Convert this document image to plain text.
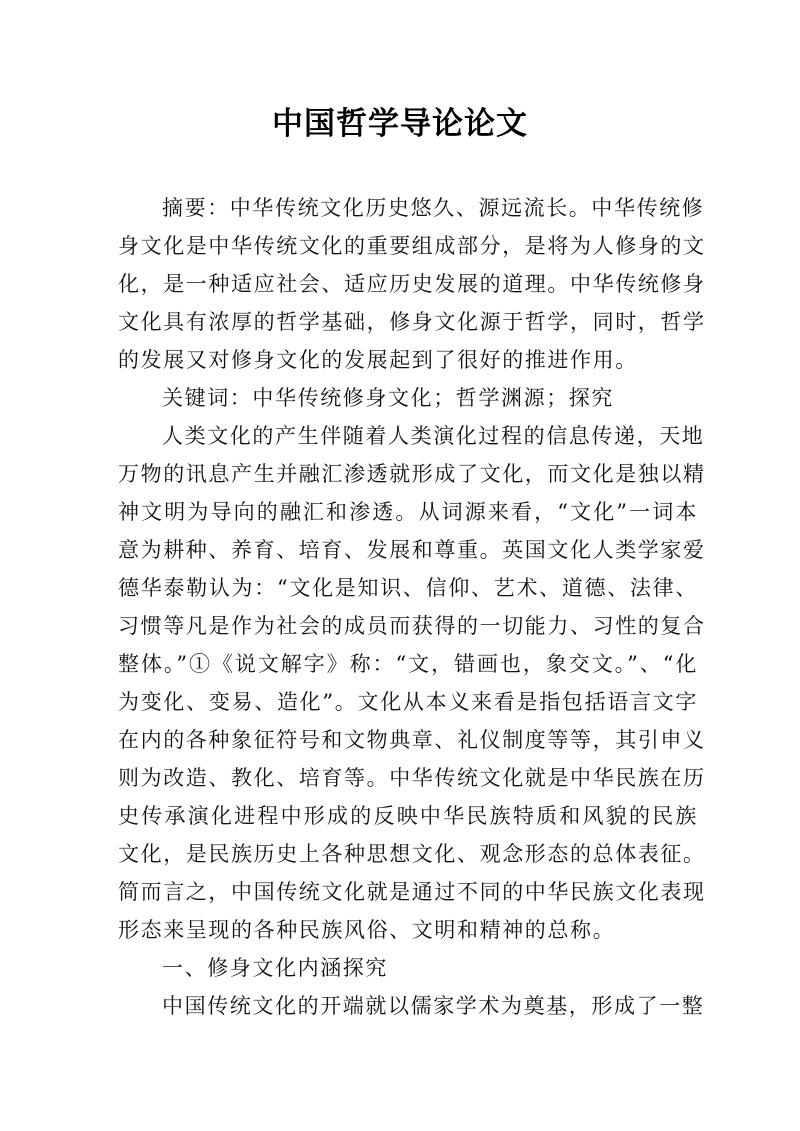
中国哲学导论论文
摘要：中华传统文化历史悠久、源远流长。中华传统修
身文化是中华传统文化的重要组成部分，是将为人修身的文
化，是一种适应社会、适应历史发展的道理。中华传统修身
文化具有浓厚的哲学基础，修身文化源于哲学，同时，哲学
的发展又对修身文化的发展起到了很好的推进作用。
关键词：中华传统修身文化；哲学渊源；探究
人类文化的产生伴随着人类演化过程的信息传递，天地
万物的讯息产生并融汇渗透就形成了文化，而文化是独以精
神文明为导向的融汇和渗透。从词源来看，“文化”一词本
意为耕种、养育、培育、发展和尊重。英国文化人类学家爱
德华泰勒认为：“文化是知识、信仰、艺术、道德、法律、
习惯等凡是作为社会的成员而获得的一切能力、习性的复合
整体。”①《说文解字》称：“文，错画也，象交文。”、“化
为变化、变易、造化”。文化从本义来看是指包括语言文字
在内的各种象征符号和文物典章、礼仪制度等等，其引申义
则为改造、教化、培育等。中华传统文化就是中华民族在历
史传承演化进程中形成的反映中华民族特质和风貌的民族
文化，是民族历史上各种思想文化、观念形态的总体表征。
简而言之，中国传统文化就是通过不同的中华民族文化表现
形态来呈现的各种民族风俗、文明和精神的总称。
一、修身文化内涵探究
中国传统文化的开端就以儒家学术为奠基，形成了一整
